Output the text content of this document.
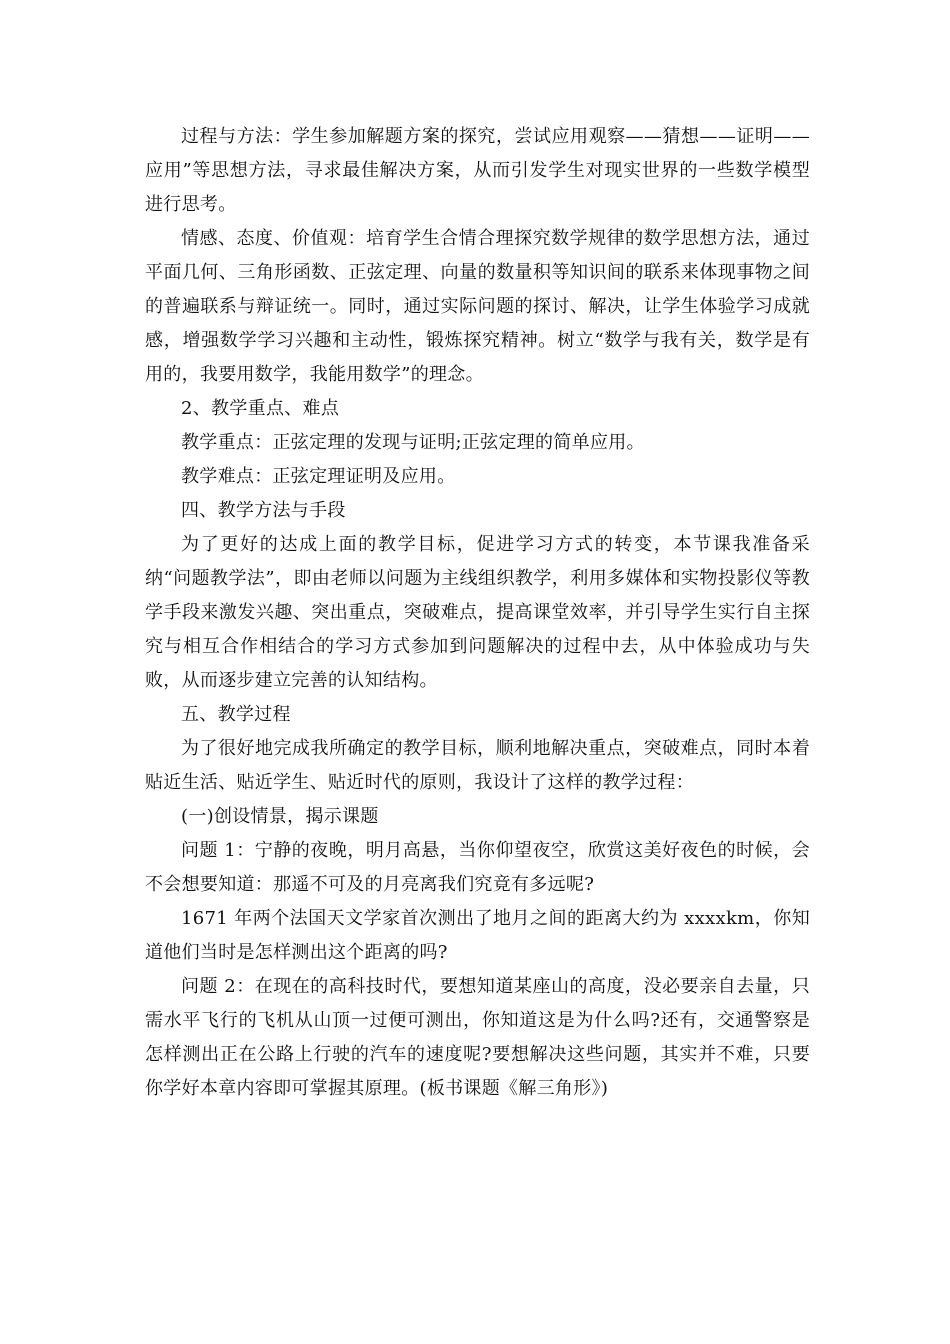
过程与方法：学生参加解题方案的探究，尝试应用观察——猜想——证明——应用”等思想方法，寻求最佳解决方案，从而引发学生对现实世界的一些数学模型进行思考。

情感、态度、价值观：培育学生合情合理探究数学规律的数学思想方法，通过平面几何、三角形函数、正弦定理、向量的数量积等知识间的联系来体现事物之间的普遍联系与辩证统一。同时，通过实际问题的探讨、解决，让学生体验学习成就感，增强数学学习兴趣和主动性，锻炼探究精神。树立“数学与我有关，数学是有用的，我要用数学，我能用数学”的理念。

2、教学重点、难点

教学重点：正弦定理的发现与证明;正弦定理的简单应用。

教学难点：正弦定理证明及应用。

四、教学方法与手段

为了更好的达成上面的教学目标，促进学习方式的转变，本节课我准备采纳“问题教学法”，即由老师以问题为主线组织教学，利用多媒体和实物投影仪等教学手段来激发兴趣、突出重点，突破难点，提高课堂效率，并引导学生实行自主探究与相互合作相结合的学习方式参加到问题解决的过程中去，从中体验成功与失败，从而逐步建立完善的认知结构。

五、教学过程

为了很好地完成我所确定的教学目标，顺利地解决重点，突破难点，同时本着贴近生活、贴近学生、贴近时代的原则，我设计了这样的教学过程：

(一)创设情景，揭示课题

问题 1：宁静的夜晚，明月高悬，当你仰望夜空，欣赏这美好夜色的时候，会不会想要知道：那遥不可及的月亮离我们究竟有多远呢?

1671 年两个法国天文学家首次测出了地月之间的距离大约为 xxxxkm，你知道他们当时是怎样测出这个距离的吗?

问题 2：在现在的高科技时代，要想知道某座山的高度，没必要亲自去量，只需水平飞行的飞机从山顶一过便可测出，你知道这是为什么吗?还有，交通警察是怎样测出正在公路上行驶的汽车的速度呢?要想解决这些问题，其实并不难，只要你学好本章内容即可掌握其原理。(板书课题《解三角形》)
